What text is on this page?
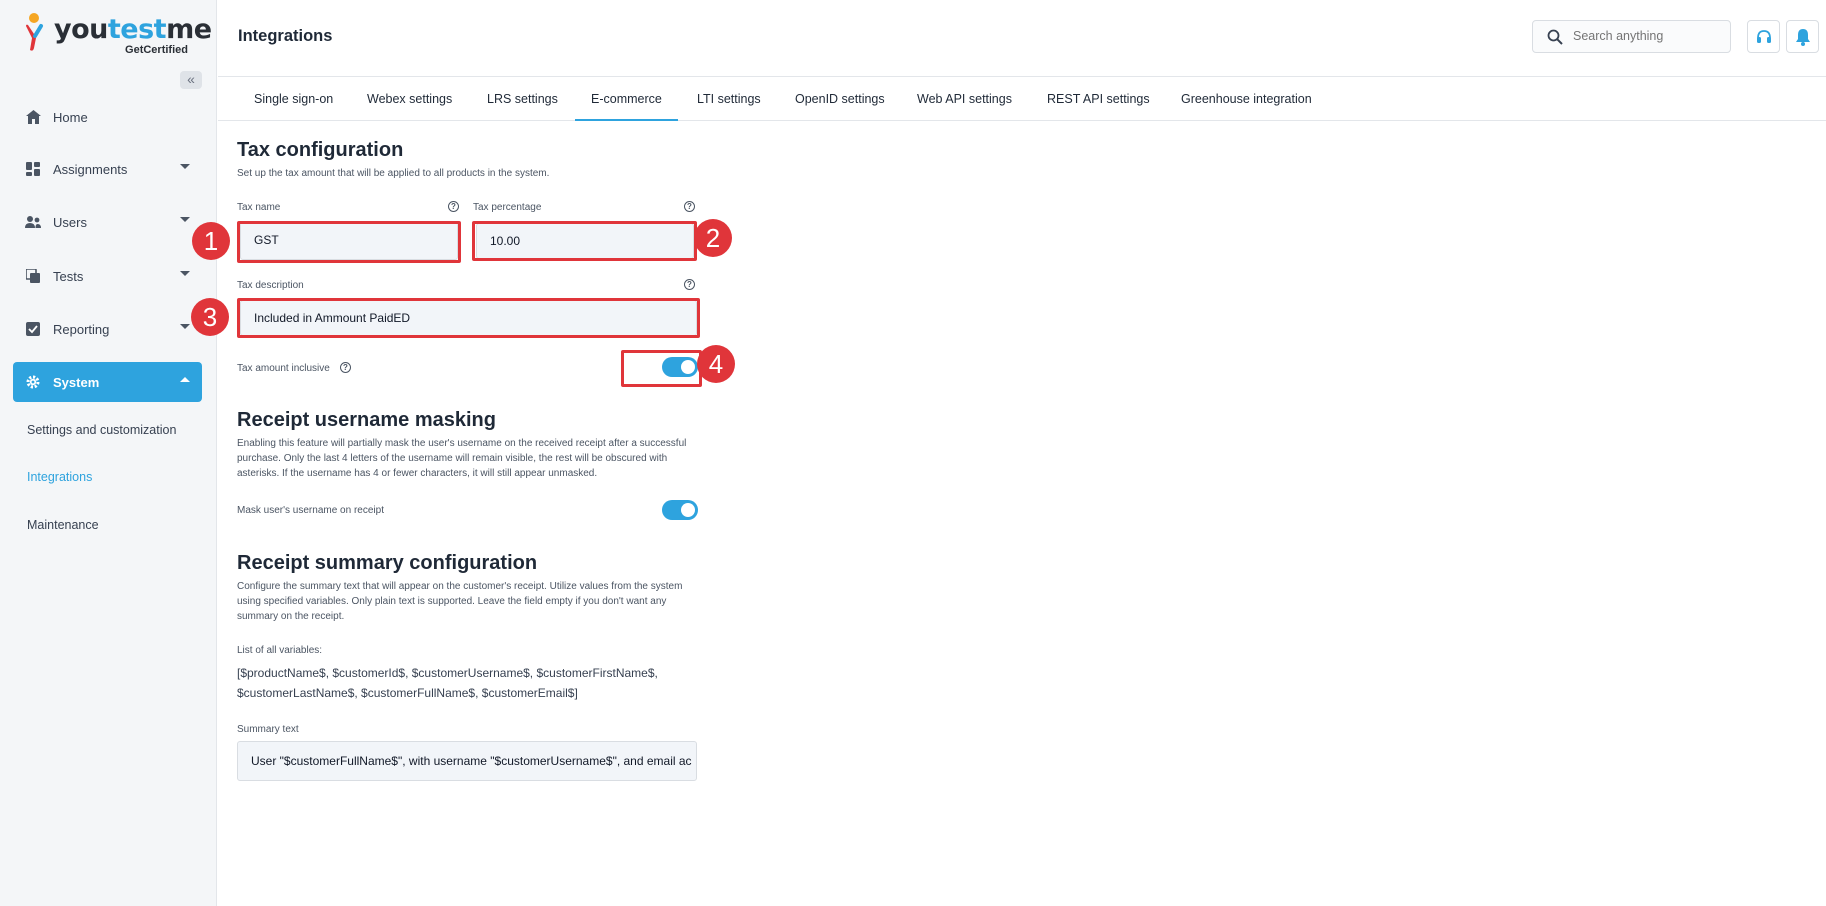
youtestme
GetCertified
«
Home
Assignments
Users
Tests
Reporting
System
Settings and customization
Integrations
Maintenance
Integrations
Search anything
Single sign-on	Webex settings	LRS settings	E-commerce	LTI settings	OpenID settings	Web API settings	REST API settings	Greenhouse integration
Tax configuration
Set up the tax amount that will be applied to all products in the system.
Tax name	?
GST
1
Tax percentage	?
10.00	2
Tax description	?
Included in Ammount PaidED
3
Tax amount inclusive	?	4
Receipt username masking
Enabling this feature will partially mask the user's username on the received receipt after a successful
purchase. Only the last 4 letters of the username will remain visible, the rest will be obscured with
asterisks. If the username has 4 or fewer characters, it will still appear unmasked.
Mask user's username on receipt
Receipt summary configuration
Configure the summary text that will appear on the customer's receipt. Utilize values from the system
using specified variables. Only plain text is supported. Leave the field empty if you don't want any
summary on the receipt.
List of all variables:
[$productName$, $customerId$, $customerUsername$, $customerFirstName$,
$customerLastName$, $customerFullName$, $customerEmail$]
Summary text
User "$customerFullName$", with username "$customerUsername$", and email ac
